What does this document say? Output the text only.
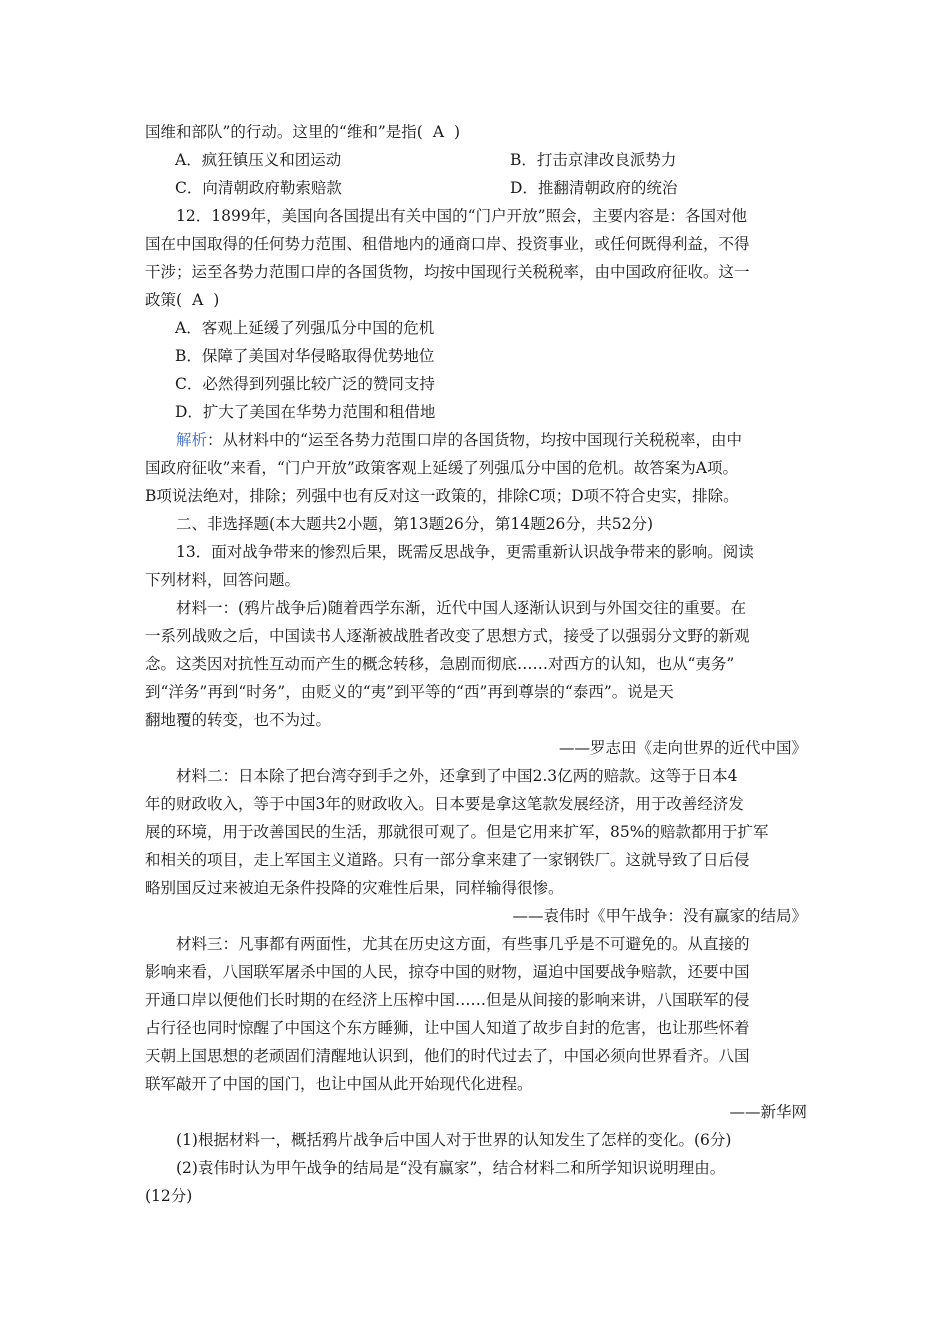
国维和部队”的行动。这里的“维和”是指( A )
A．疯狂镇压义和团运动	B．打击京津改良派势力
C．向清朝政府勒索赔款	D．推翻清朝政府的统治
12．1899年，美国向各国提出有关中国的“门户开放”照会，主要内容是：各国对他
国在中国取得的任何势力范围、租借地内的通商口岸、投资事业，或任何既得利益，不得
干涉；运至各势力范围口岸的各国货物，均按中国现行关税税率，由中国政府征收。这一
政策( A )
A．客观上延缓了列强瓜分中国的危机
B．保障了美国对华侵略取得优势地位
C．必然得到列强比较广泛的赞同支持
D．扩大了美国在华势力范围和租借地
解析：从材料中的“运至各势力范围口岸的各国货物，均按中国现行关税税率，由中
国政府征收”来看，“门户开放”政策客观上延缓了列强瓜分中国的危机。故答案为A项。
B项说法绝对，排除；列强中也有反对这一政策的，排除C项；D项不符合史实，排除。
二、非选择题(本大题共2小题，第13题26分，第14题26分，共52分)
13．面对战争带来的惨烈后果，既需反思战争，更需重新认识战争带来的影响。阅读
下列材料，回答问题。
材料一：(鸦片战争后)随着西学东渐，近代中国人逐渐认识到与外国交往的重要。在
一系列战败之后，中国读书人逐渐被战胜者改变了思想方式，接受了以强弱分文野的新观
念。这类因对抗性互动而产生的概念转移，急剧而彻底……对西方的认知，也从“夷务”
到“洋务”再到“时务”，由贬义的“夷”到平等的“西”再到尊崇的“泰西”。说是天
翻地覆的转变，也不为过。
——罗志田《走向世界的近代中国》
材料二：日本除了把台湾夺到手之外，还拿到了中国2.3亿两的赔款。这等于日本4
年的财政收入，等于中国3年的财政收入。日本要是拿这笔款发展经济，用于改善经济发
展的环境，用于改善国民的生活，那就很可观了。但是它用来扩军，85%的赔款都用于扩军
和相关的项目，走上军国主义道路。只有一部分拿来建了一家钢铁厂。这就导致了日后侵
略别国反过来被迫无条件投降的灾难性后果，同样输得很惨。
——袁伟时《甲午战争：没有赢家的结局》
材料三：凡事都有两面性，尤其在历史这方面，有些事几乎是不可避免的。从直接的
影响来看，八国联军屠杀中国的人民，掠夺中国的财物，逼迫中国要战争赔款，还要中国
开通口岸以便他们长时期的在经济上压榨中国……但是从间接的影响来讲，八国联军的侵
占行径也同时惊醒了中国这个东方睡狮，让中国人知道了故步自封的危害，也让那些怀着
天朝上国思想的老顽固们清醒地认识到，他们的时代过去了，中国必须向世界看齐。八国
联军敲开了中国的国门，也让中国从此开始现代化进程。
——新华网
(1)根据材料一，概括鸦片战争后中国人对于世界的认知发生了怎样的变化。(6分)
(2)袁伟时认为甲午战争的结局是“没有赢家”，结合材料二和所学知识说明理由。
(12分)
